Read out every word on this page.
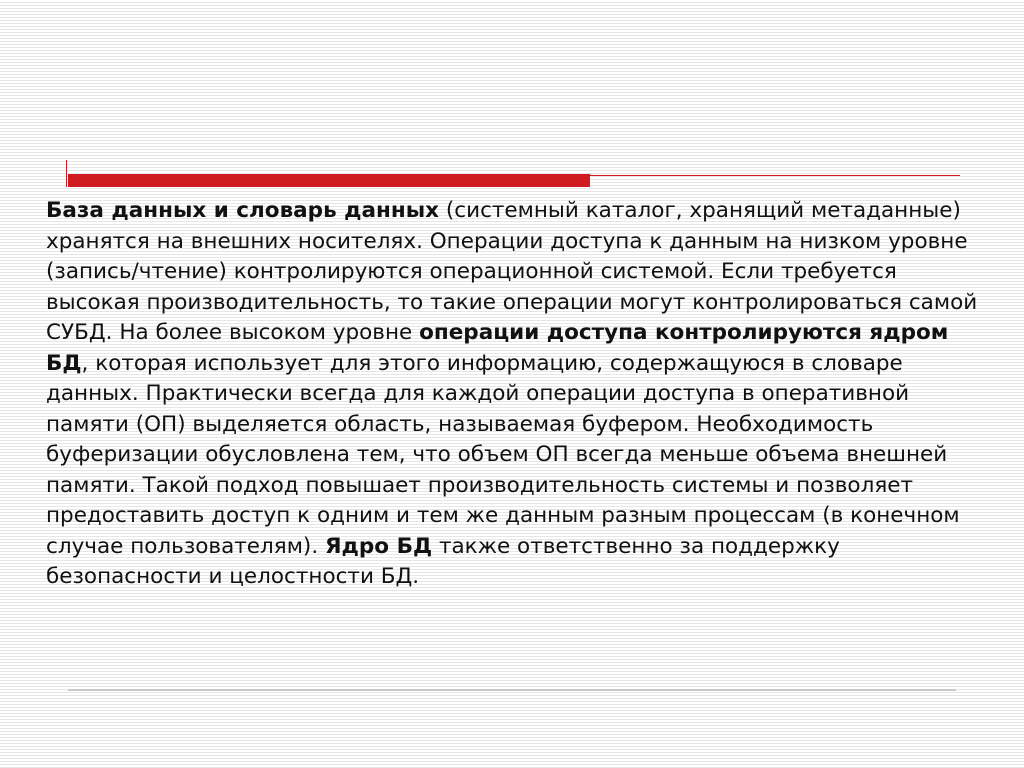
База данных и словарь данных (системный каталог, хранящий метаданные) хранятся на внешних носителях. Операции доступа к данным на низком уровне (запись/чтение) контролируются операционной системой. Если требуется высокая производительность, то такие операции могут контролироваться самой СУБД. На более высоком уровне операции доступа контролируются ядром БД, которая использует для этого информацию, содержащуюся в словаре данных. Практически всегда для каждой операции доступа в оперативной памяти (ОП) выделяется область, называемая буфером. Необходимость буферизации обусловлена тем, что объем ОП всегда меньше объема внешней памяти. Такой подход повышает производительность системы и позволяет предоставить доступ к одним и тем же данным разным процессам (в конечном случае пользователям). Ядро БД также ответственно за поддержку безопасности и целостности БД.
